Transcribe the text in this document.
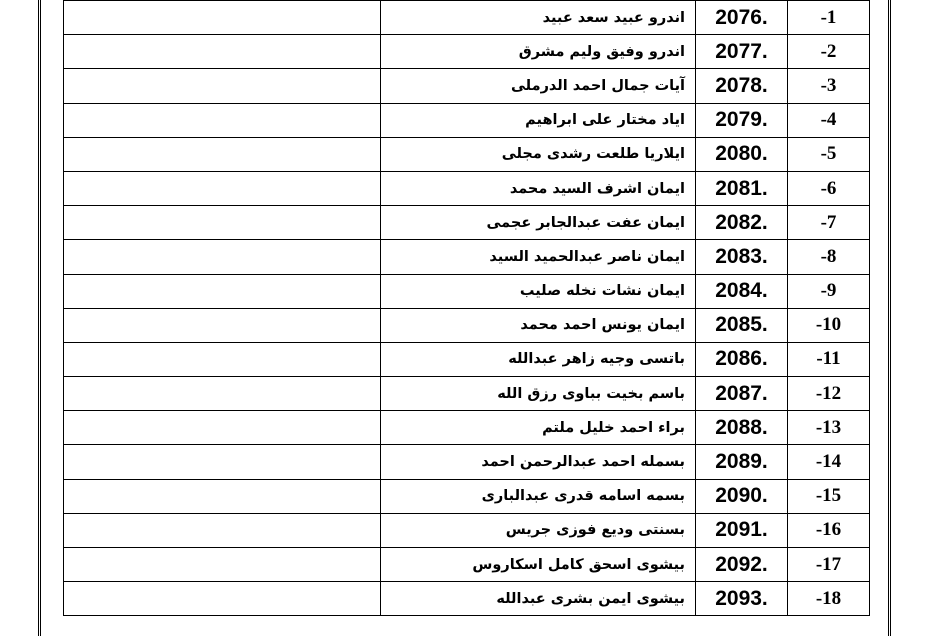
	اندرو عبيد سعد عبيد	2076.	-1
	اندرو وفيق وليم مشرق	2077.	-2
	آيات جمال احمد الدرملى	2078.	-3
	اياد مختار على ابراهيم	2079.	-4
	ايلاريا طلعت رشدى مجلى	2080.	-5
	ايمان اشرف السيد محمد	2081.	-6
	ايمان عفت عبدالجابر عجمى	2082.	-7
	ايمان ناصر عبدالحميد السيد	2083.	-8
	ايمان نشات نخله صليب	2084.	-9
	ايمان يونس احمد محمد	2085.	-10
	باتسى وجيه زاهر عبدالله	2086.	-11
	باسم بخيت بباوى رزق الله	2087.	-12
	براء احمد خليل ملتم	2088.	-13
	بسمله احمد عبدالرحمن احمد	2089.	-14
	بسمه اسامه قدرى عبدالبارى	2090.	-15
	بسنتى وديع فوزى جريس	2091.	-16
	بيشوى اسحق كامل اسكاروس	2092.	-17
	بيشوى ايمن بشرى عبدالله	2093.	-18
